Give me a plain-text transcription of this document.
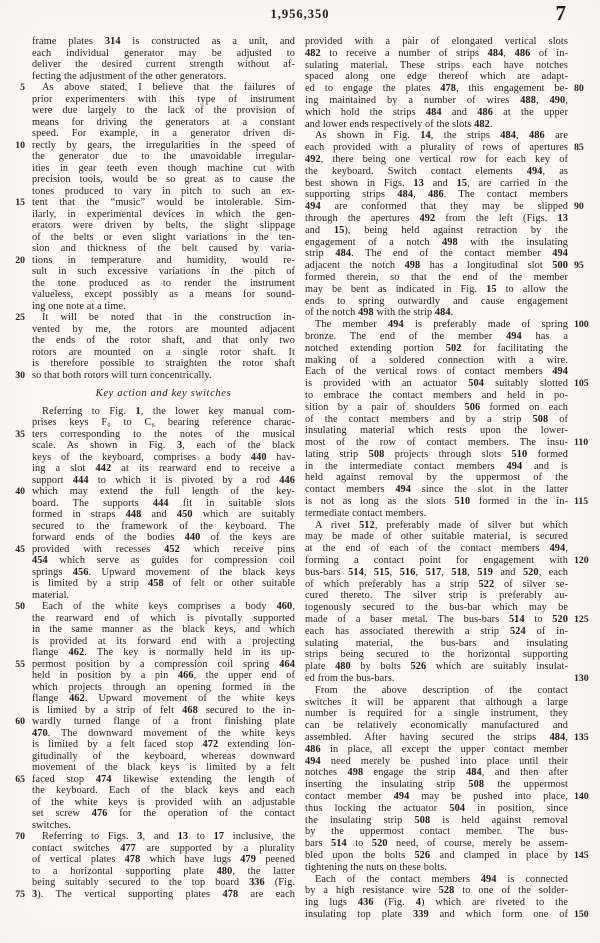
1,956,350	7
frame plates 314 is constructed as a unit, and
each individual generator may be adjusted to
deliver the desired current strength without af-
fecting the adjustment of the other generators.
5	As above stated, I believe that the failures of
prior experimenters with this type of instrument
were due largely to the lack of the provision of
means for driving the generators at a constant
speed. For example, in a generator driven di-
10 rectly by gears, the irregularities in the speed of
the generator due to the unavoidable irregular-
ities in gear teeth even though machine cut with
precision tools, would be so great as to cause the
tones produced to vary in pitch to such an ex-
15 tent that the “music” would be intolerable. Sim-
ilarly, in experimental devices in which the gen-
erators were driven by belts, the slight slippage
of the belts or even slight variations in the ten-
sion and thickness of the belt caused by varia-
20 tions in temperature and humidity, would re-
sult in such excessive variations in the pitch of
the tone produced as to render the instrument
valueless, except possibly as a means for sound-
ing one note at a time.
25	It will be noted that in the construction in-
vented by me, the rotors are mounted adjacent
the ends of the rotor shaft, and that only two
rotors are mounted on a single rotor shaft. It
is therefore possible to straighten the rotor shaft
30 so that both rotors will turn concentrically.
Key action and key switches
Referring to Fig. 1, the lower key manual com-
prises keys F₀ to C₆ bearing reference charac-
35 ters corresponding to the notes of the musical
scale. As shown in Fig. 3, each of the black
keys of the keyboard, comprises a body 440 hav-
ing a slot 442 at its rearward end to receive a
support 444 to which it is pivoted by a rod 446
40 which may extend the full length of the key-
board. The supports 444 fit in suitable slots
formed in straps 448 and 450 which are suitably
secured to the framework of the keyboard. The
forward ends of the bodies 440 of the keys are
45 provided with recesses 452 which receive pins
454 which serve as guides for compression coil
springs 456. Upward movement of the black keys
is limited by a strip 458 of felt or other suitable
material.
50	Each of the white keys comprises a body 460,
the rearward end of which is pivotally supported
in the same manner as the black keys, and which
is provided at its forward end with a projecting
flange 462. The key is normally held in its up-
55 permost position by a compression coil spring 464
held in position by a pin 466, the upper end of
which projects through an opening formed in the
flange 462. Upward movement of the white keys
is limited by a strip of felt 468 secured to the in-
60 wardly turned flange of a front finishing plate
470. The downward movement of the white keys
is limited by a felt faced stop 472 extending lon-
gitudinally of the keyboard, whereas downward
movement of the black keys is limited by a felt
65 faced stop 474 likewise extending the length of
the keyboard. Each of the black keys and each
of the white keys is provided with an adjustable
set screw 476 for the operation of the contact
switches.
70	Referring to Figs. 3, and 13 to 17 inclusive, the
contact switches 477 are supported by a plurality
of vertical plates 478 which have lugs 479 peened
to a horizontal supporting plate 480, the latter
being suitably secured to the top board 336 (Fig.
75 3). The vertical supporting plates 478 are each
provided with a pair of elongated vertical slots
482 to receive a number of strips 484, 486 of in-
sulating material. These strips each have notches
spaced along one edge thereof which are adapt-
ed to engage the plates 478, this engagement be- 80
ing maintained by a number of wires 488, 490,
which hold the strips 484 and 486 at the upper
and lower ends respectively of the slots 482.
As shown in Fig. 14, the strips 484, 486 are
each provided with a plurality of rows of apertures 85
492, there being one vertical row for each key of
the keyboard. Switch contact elements 494, as
best shown in Figs. 13 and 15, are carried in the
supporting strips 484, 486. The contact members
494 are conformed that they may be slipped 90
through the apertures 492 from the left (Figs. 13
and 15), being held against retraction by the
engagement of a notch 498 with the insulating
strip 484. The end of the contact member 494
adjacent the notch 498 has a longitudinal slot 500 95
formed therein, so that the end of the member
may be bent as indicated in Fig. 15 to allow the
ends to spring outwardly and cause engagement
of the notch 498 with the strip 484.
The member 494 is preferably made of spring 100
bronze. The end of the member 494 has a
notched extending portion 502 for facilitating the
making of a soldered connection with a wire.
Each of the vertical rows of contact members 494
is provided with an actuator 504 suitably slotted 105
to embrace the contact members and held in po-
sition by a pair of shoulders 506 formed on each
of the contact members and by a strip 508 of
insulating material which rests upon the lower-
most of the row of contact members. The insu- 110
lating strip 508 projects through slots 510 formed
in the intermediate contact members 494 and is
held against removal by the uppermost of the
contact members 494 since the slot in the latter
is not as long as the slots 510 formed in the in- 115
termediate contact members.
A rivet 512, preferably made of silver but which
may be made of other suitable material, is secured
at the end of each of the contact members 494,
forming a contact point for engagement with 120
bus-bars 514, 515, 516, 517, 518, 519 and 520, each
of which preferably has a strip 522 of silver se-
cured thereto. The silver strip is preferably au-
togenously secured to the bus-bar which may be
made of a baser metal. The bus-bars 514 to 520 125
each has associated therewith a strip 524 of in-
sulating material, the bus-bars and insulating
strips being secured to the horizontal supporting
plate 480 by bolts 526 which are suitably insulat-
ed from the bus-bars.	130
From the above description of the contact
switches it will be apparent that although a large
number is required for a single instrument, they
can be relatively economically manufactured and
assembled. After having secured the strips 484, 135
486 in place, all except the upper contact member
494 need merely be pushed into place until their
notches 498 engage the strip 484, and then after
inserting the insulating strip 508 the uppermost
contact member 494 may be pushed into place, 140
thus locking the actuator 504 in position, since
the insulating strip 508 is held against removal
by the uppermost contact member. The bus-
bars 514 to 520 need, of course, merely be assem-
bled upon the bolts 526 and clamped in place by 145
tightening the nuts on these bolts.
Each of the contact members 494 is connected
by a high resistance wire 528 to one of the solder-
ing lugs 436 (Fig. 4) which are riveted to the
insulating top plate 339 and which form one of 150
